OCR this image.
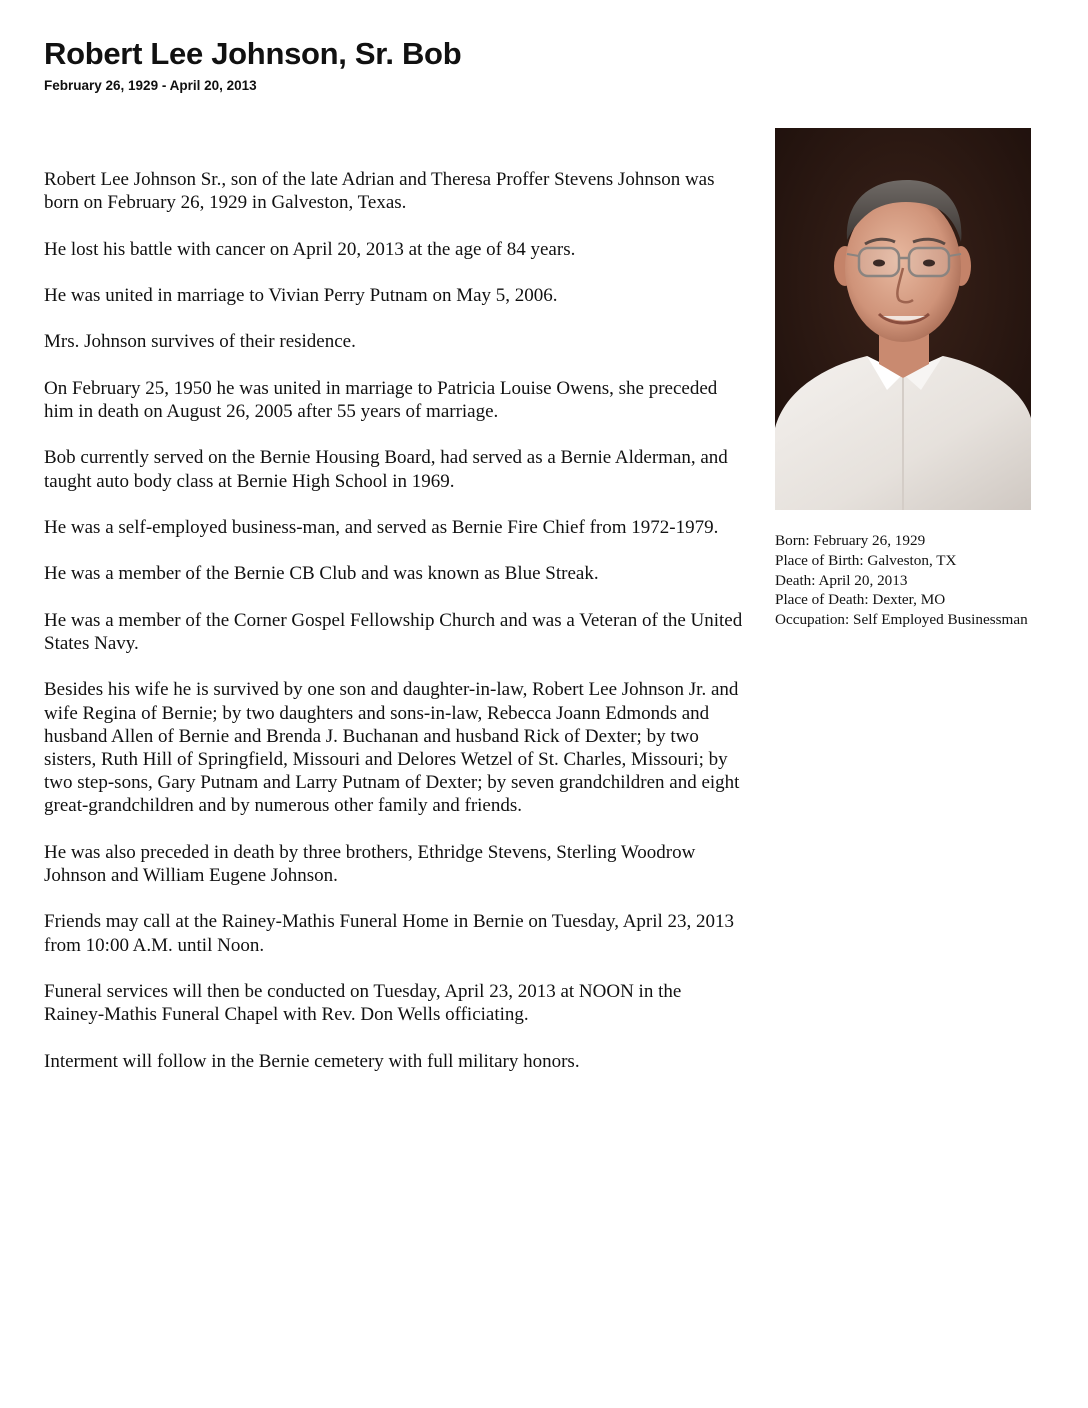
Robert Lee Johnson, Sr. Bob
February 26, 1929 - April 20, 2013

Robert Lee Johnson Sr., son of the late Adrian and Theresa Proffer Stevens Johnson was born on February 26, 1929 in Galveston, Texas.

He lost his battle with cancer on April 20, 2013 at the age of 84 years.

He was united in marriage to Vivian Perry Putnam on May 5, 2006.

Mrs. Johnson survives of their residence.

On February 25, 1950 he was united in marriage to Patricia Louise Owens, she preceded him in death on August 26, 2005 after 55 years of marriage.

Bob currently served on the Bernie Housing Board, had served as a Bernie Alderman, and taught auto body class at Bernie High School in 1969.

He was a self-employed business-man, and served as Bernie Fire Chief from 1972-1979.

He was a member of the Bernie CB Club and was known as Blue Streak.

He was a member of the Corner Gospel Fellowship Church and was a Veteran of the United States Navy.

Besides his wife he is survived by one son and daughter-in-law, Robert Lee Johnson Jr. and wife Regina of Bernie; by two daughters and sons-in-law, Rebecca Joann Edmonds and husband Allen of Bernie and Brenda J. Buchanan and husband Rick of Dexter; by two sisters, Ruth Hill of Springfield, Missouri and Delores Wetzel of St. Charles, Missouri; by two step-sons, Gary Putnam and Larry Putnam of Dexter; by seven grandchildren and eight great-grandchildren and by numerous other family and friends.

He was also preceded in death by three brothers, Ethridge Stevens, Sterling Woodrow Johnson and William Eugene Johnson.

Friends may call at the Rainey-Mathis Funeral Home in Bernie on Tuesday, April 23, 2013 from 10:00 A.M. until Noon.

Funeral services will then be conducted on Tuesday, April 23, 2013 at NOON in the Rainey-Mathis Funeral Chapel with Rev. Don Wells officiating.

Interment will follow in the Bernie cemetery with full military honors.

Born: February 26, 1929
Place of Birth: Galveston, TX
Death: April 20, 2013
Place of Death: Dexter, MO
Occupation: Self Employed Businessman
